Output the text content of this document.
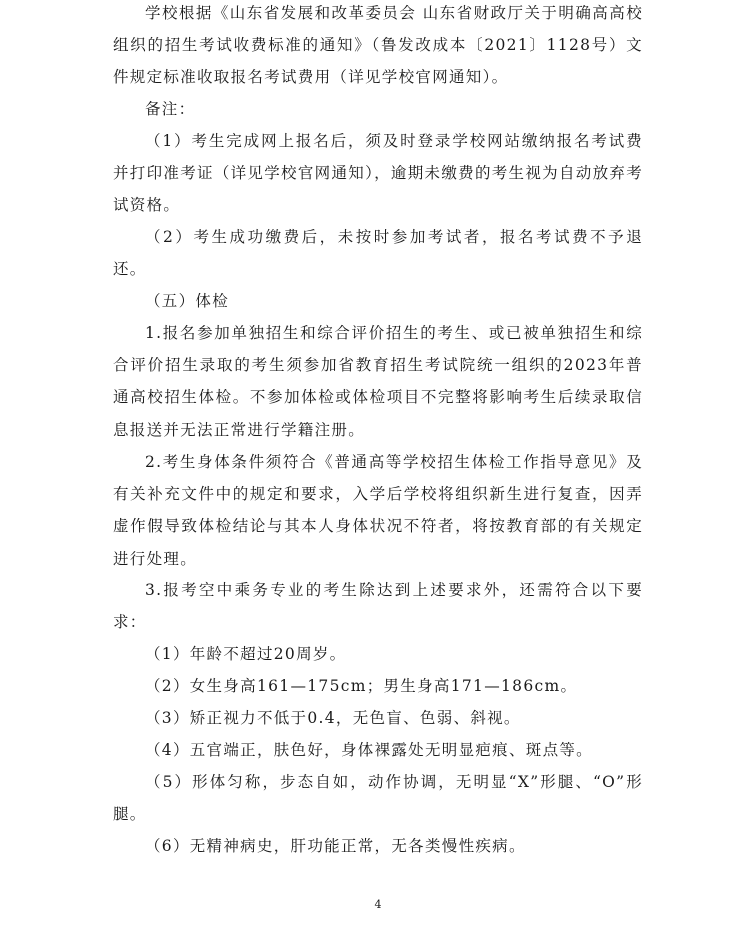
学校根据《山东省发展和改革委员会 山东省财政厅关于明确高高校组织的招生考试收费标准的通知》（鲁发改成本〔2021〕1128号）文件规定标准收取报名考试费用（详见学校官网通知）。

备注：

（1）考生完成网上报名后，须及时登录学校网站缴纳报名考试费并打印准考证（详见学校官网通知），逾期未缴费的考生视为自动放弃考试资格。

（2）考生成功缴费后，未按时参加考试者，报名考试费不予退还。

（五）体检

1.报名参加单独招生和综合评价招生的考生、或已被单独招生和综合评价招生录取的考生须参加省教育招生考试院统一组织的2023年普通高校招生体检。不参加体检或体检项目不完整将影响考生后续录取信息报送并无法正常进行学籍注册。

2.考生身体条件须符合《普通高等学校招生体检工作指导意见》及有关补充文件中的规定和要求，入学后学校将组织新生进行复查，因弄虚作假导致体检结论与其本人身体状况不符者，将按教育部的有关规定进行处理。

3.报考空中乘务专业的考生除达到上述要求外，还需符合以下要求：

（1）年龄不超过20周岁。

（2）女生身高161—175cm；男生身高171—186cm。

（3）矫正视力不低于0.4，无色盲、色弱、斜视。

（4）五官端正，肤色好，身体裸露处无明显疤痕、斑点等。

（5）形体匀称，步态自如，动作协调，无明显“X”形腿、“O”形腿。

（6）无精神病史，肝功能正常，无各类慢性疾病。

4
